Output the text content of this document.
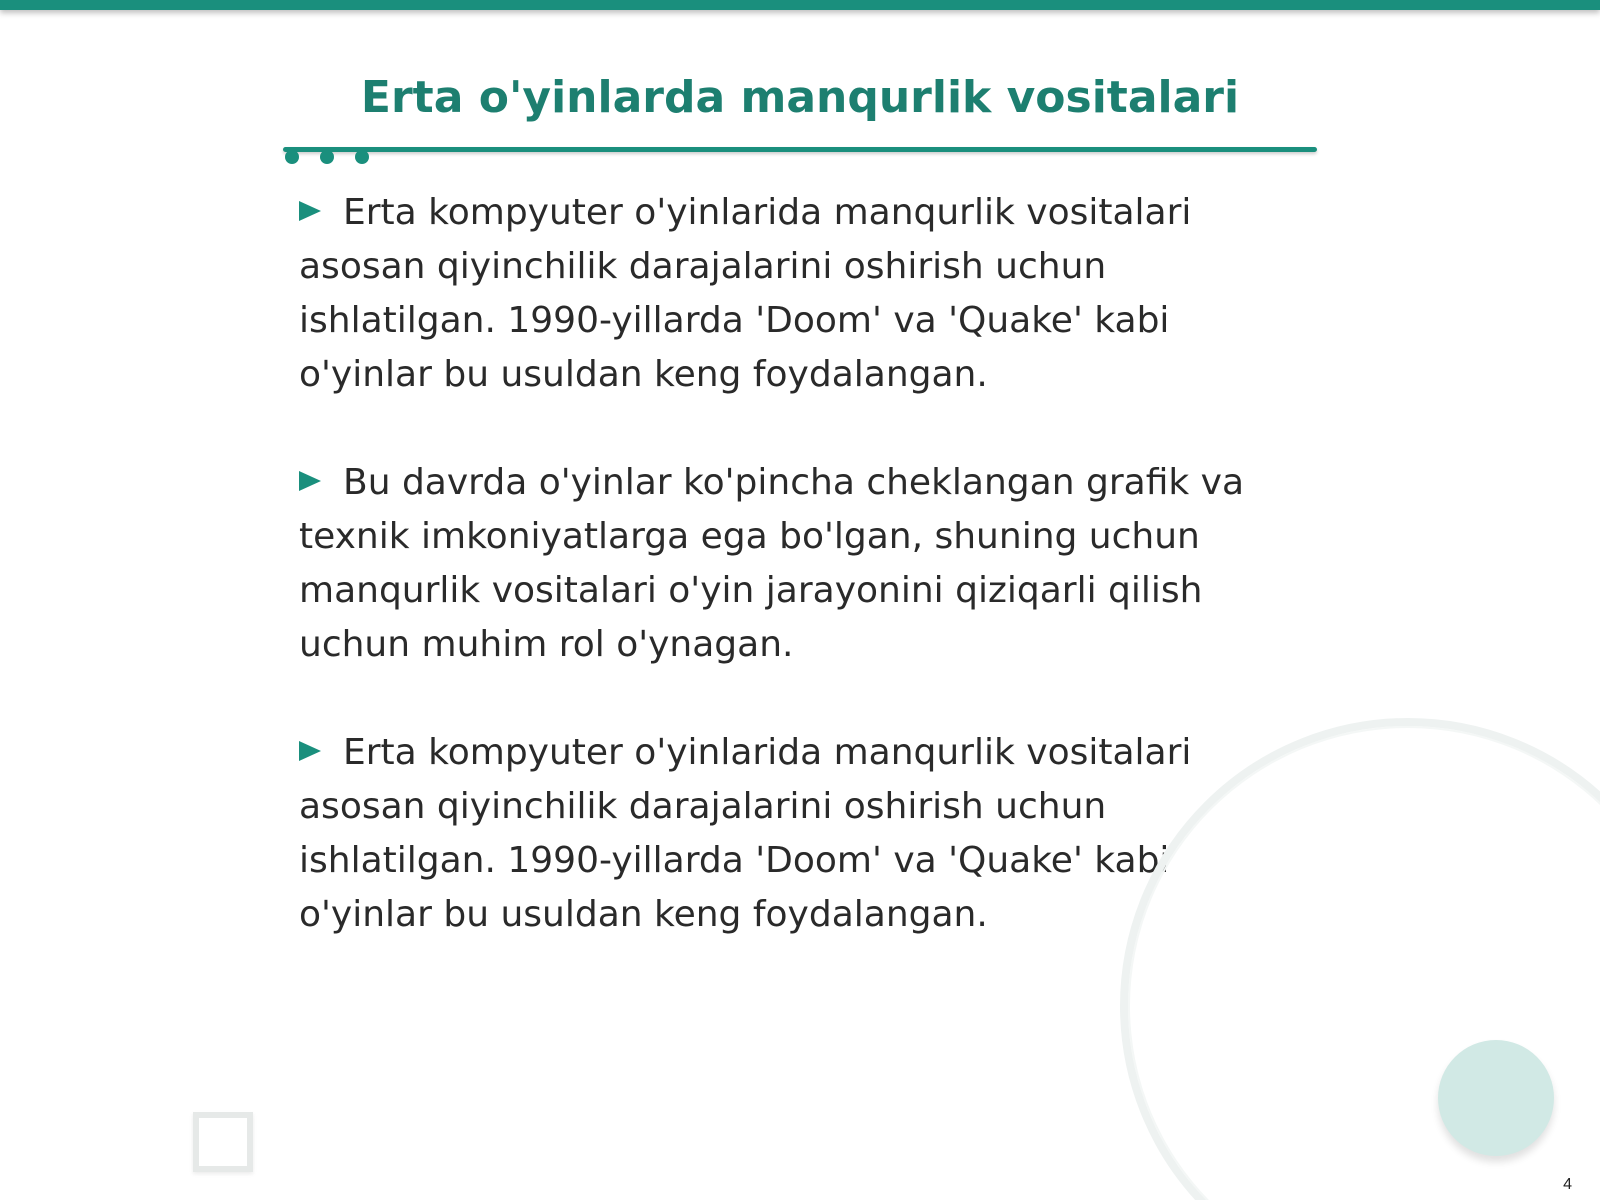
Erta o'yinlarda manqurlik vositalari

Erta kompyuter o'yinlarida manqurlik vositalari asosan qiyinchilik darajalarini oshirish uchun ishlatilgan. 1990-yillarda 'Doom' va 'Quake' kabi o'yinlar bu usuldan keng foydalangan.

Bu davrda o'yinlar ko'pincha cheklangan grafik va texnik imkoniyatlarga ega bo'lgan, shuning uchun manqurlik vositalari o'yin jarayonini qiziqarli qilish uchun muhim rol o'ynagan.

Erta kompyuter o'yinlarida manqurlik vositalari asosan qiyinchilik darajalarini oshirish uchun ishlatilgan. 1990-yillarda 'Doom' va 'Quake' kabi o'yinlar bu usuldan keng foydalangan.

4
